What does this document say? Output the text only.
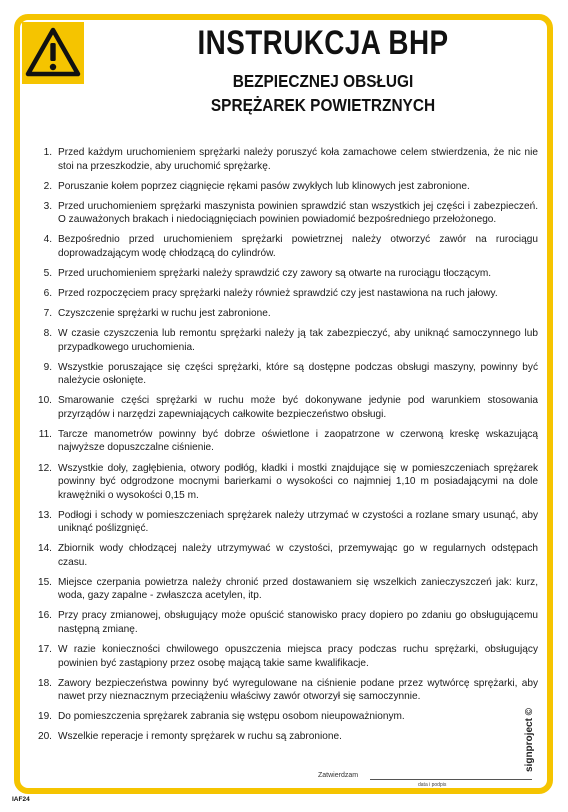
INSTRUKCJA BHP
BEZPIECZNEJ OBSŁUGI
SPRĘŻAREK POWIETRZNYCH
1. Przed każdym uruchomieniem sprężarki należy poruszyć koła zamachowe celem stwierdzenia, że nic nie stoi na przeszkodzie, aby uruchomić sprężarkę.
2. Poruszanie kołem poprzez ciągnięcie rękami pasów zwykłych lub klinowych jest zabronione.
3. Przed uruchomieniem sprężarki maszynista powinien sprawdzić stan wszystkich jej części i zabezpieczeń. O zauważonych brakach i niedociągnięciach powinien powiadomić bezpośredniego przełożonego.
4. Bezpośrednio przed uruchomieniem sprężarki powietrznej należy otworzyć zawór na rurociągu doprowadzającym wodę chłodzącą do cylindrów.
5. Przed uruchomieniem sprężarki należy sprawdzić czy zawory są otwarte na rurociągu tłoczącym.
6. Przed rozpoczęciem pracy sprężarki należy również sprawdzić czy jest nastawiona na ruch jałowy.
7. Czyszczenie sprężarki w ruchu jest zabronione.
8. W czasie czyszczenia lub remontu sprężarki należy ją tak zabezpieczyć, aby uniknąć samoczynnego lub przypadkowego uruchomienia.
9. Wszystkie poruszające się części sprężarki, które są dostępne podczas obsługi maszyny, powinny być należycie osłonięte.
10. Smarowanie części sprężarki w ruchu może być dokonywane jedynie pod warunkiem stosowania przyrządów i narzędzi zapewniających całkowite bezpieczeństwo obsługi.
11. Tarcze manometrów powinny być dobrze oświetlone i zaopatrzone w czerwoną kreskę wskazującą najwyższe dopuszczalne ciśnienie.
12. Wszystkie doły, zagłębienia, otwory podłóg, kładki i mostki znajdujące się w pomieszczeniach sprężarek powinny być odgrodzone mocnymi barierkami o wysokości co najmniej 1,10 m posiadającymi na dole krawężniki o wysokości 0,15 m.
13. Podłogi i schody w pomieszczeniach sprężarek należy utrzymać w czystości a rozlane smary usunąć, aby uniknąć poślizgnięć.
14. Zbiornik wody chłodzącej należy utrzymywać w czystości, przemywając go w regularnych odstępach czasu.
15. Miejsce czerpania powietrza należy chronić przed dostawaniem się wszelkich zanieczyszczeń jak: kurz, woda, gazy zapalne - zwłaszcza acetylen, itp.
16. Przy pracy zmianowej, obsługujący może opuścić stanowisko pracy dopiero po zdaniu go obsługującemu następną zmianę.
17. W razie konieczności chwilowego opuszczenia miejsca pracy podczas ruchu sprężarki, obsługujący powinien być zastąpiony przez osobę mającą takie same kwalifikacje.
18. Zawory bezpieczeństwa powinny być wyregulowane na ciśnienie podane przez wytwórcę sprężarki, aby nawet przy nieznacznym przeciążeniu właściwy zawór otworzył się samoczynnie.
19. Do pomieszczenia sprężarek zabrania się wstępu osobom nieupoważnionym.
20. Wszelkie reperacje i remonty sprężarek w ruchu są zabronione.
Zatwierdzam
data i podpis
signproject ©
IAF24
